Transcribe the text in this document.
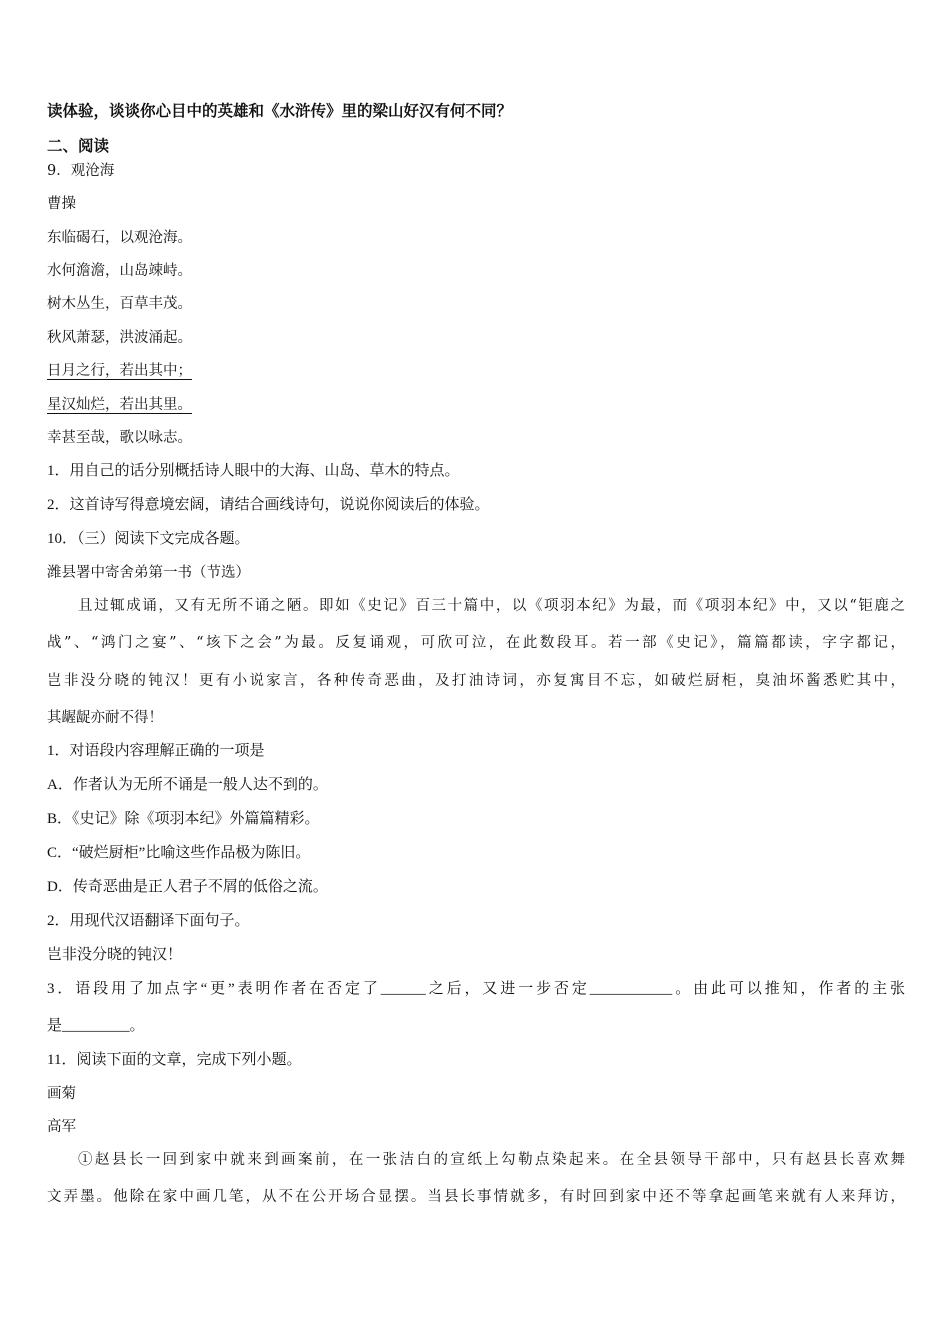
读体验，谈谈你心目中的英雄和《水浒传》里的梁山好汉有何不同？
二、阅读
9．观沧海
曹操
东临碣石，以观沧海。
水何澹澹，山岛竦峙。
树木丛生，百草丰茂。
秋风萧瑟，洪波涌起。
日月之行，若出其中；
星汉灿烂，若出其里。
幸甚至哉，歌以咏志。
1．用自己的话分别概括诗人眼中的大海、山岛、草木的特点。
2．这首诗写得意境宏阔，请结合画线诗句，说说你阅读后的体验。
10．（三）阅读下文完成各题。
潍县署中寄舍弟第一书（节选）
且过辄成诵，又有无所不诵之陋。即如《史记》百三十篇中，以《项羽本纪》为最，而《项羽本纪》中，又以“钜鹿之
战”、“鸿门之宴”、“垓下之会”为最。反复诵观，可欣可泣，在此数段耳。若一部《史记》，篇篇都读，字字都记，
岂非没分晓的钝汉！更有小说家言，各种传奇恶曲，及打油诗词，亦复寓目不忘，如破烂厨柜，臭油坏酱悉贮其中，
其龌龊亦耐不得！
1．对语段内容理解正确的一项是
A．作者认为无所不诵是一般人达不到的。
B．《史记》除《项羽本纪》外篇篇精彩。
C．“破烂厨柜”比喻这些作品极为陈旧。
D．传奇恶曲是正人君子不屑的低俗之流。
2．用现代汉语翻译下面句子。
岂非没分晓的钝汉！
3．语段用了加点字“更”表明作者在否定了______之后，又进一步否定___________。由此可以推知，作者的主张
是_________。
11．阅读下面的文章，完成下列小题。
画菊
高军
①赵县长一回到家中就来到画案前，在一张洁白的宣纸上勾勒点染起来。在全县领导干部中，只有赵县长喜欢舞
文弄墨。他除在家中画几笔，从不在公开场合显摆。当县长事情就多，有时回到家中还不等拿起画笔来就有人来拜访，
